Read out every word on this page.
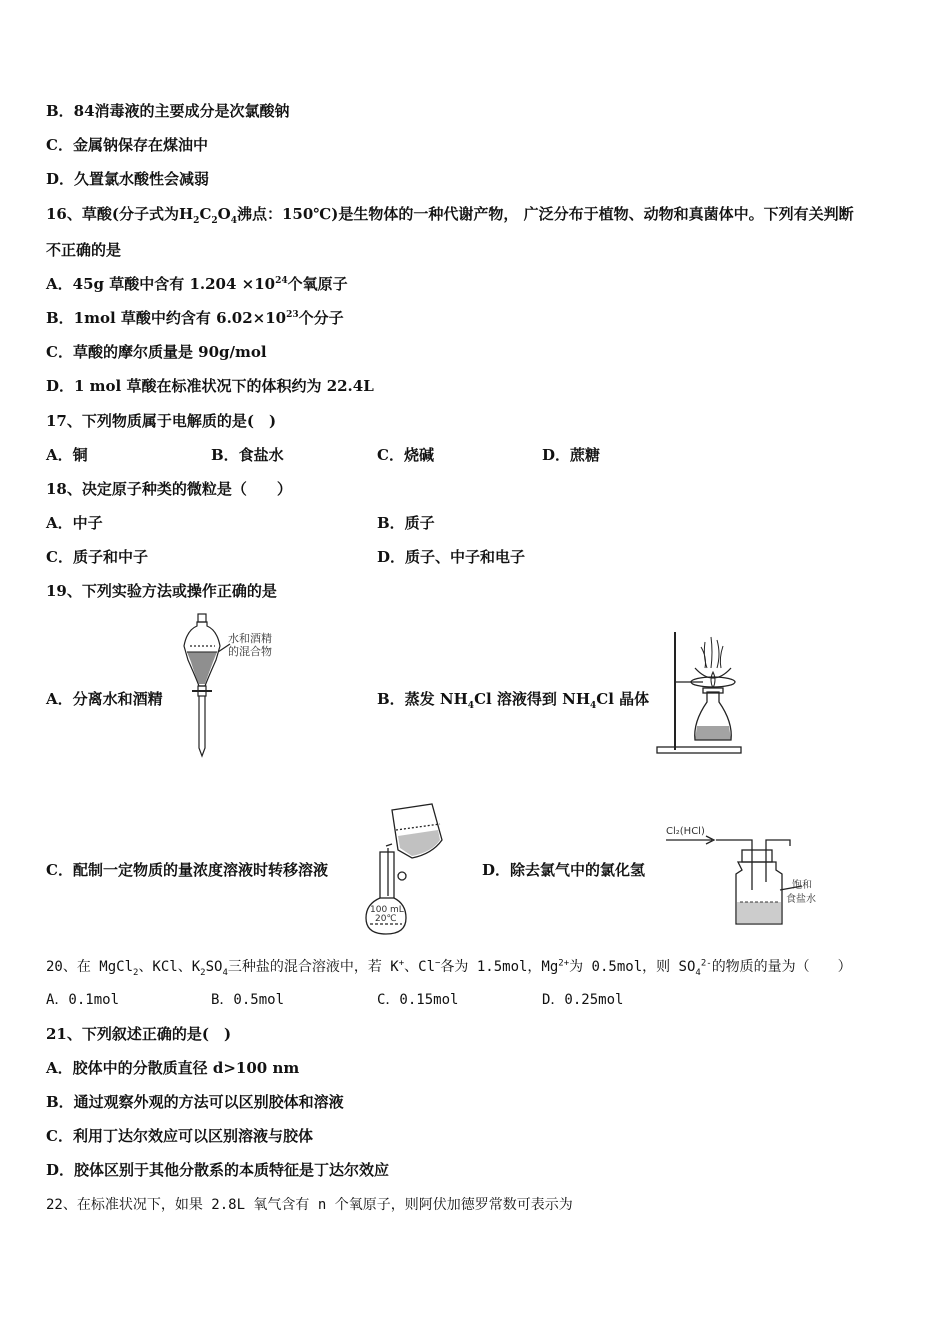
B．84消毒液的主要成分是次氯酸钠
C．金属钠保存在煤油中
D．久置氯水酸性会减弱
16、草酸(分子式为$H_2C_2O_4$沸点：150℃)是生物体的一种代谢产物， 广泛分布于植物、动物和真菌体中。下列有关判断
不正确的是
A．45g 草酸中含有 $1.204 \times 10^{24}$个氧原子
B．1mol 草酸中约含有 $6.02\times 10^{23}$个分子
C．草酸的摩尔质量是 90g/mol
D．1 mol 草酸在标准状况下的体积约为 22.4L
17、下列物质属于电解质的是(　)
A．铜	B．食盐水	C．烧碱	D．蔗糖
18、决定原子种类的微粒是（　　）
A．中子	B．质子
C．质子和中子	D．质子、中子和电子
19、下列实验方法或操作正确的是
A．分离水和酒精	B．蒸发 $NH_4Cl$ 溶液得到 $NH_4Cl$ 晶体
C．配制一定物质的量浓度溶液时转移溶液	D．除去氯气中的氯化氢
水和酒精
的混合物
100 mL
20℃
Cl₂(HCl)
饱和
食盐水
20、在 MgCl$_2$、KCl、$K_2SO_4$三种盐的混合溶液中，若 K+、Cl−各为 1.5mol，$Mg^{2+}$为 0.5mol，则 $SO_4^{2-}$的物质的量为（　　）
A．0.1mol	B．0.5mol	C．0.15mol	D．0.25mol
21、下列叙述正确的是(　)
A．胶体中的分散质直径 d>100 nm
B．通过观察外观的方法可以区别胶体和溶液
C．利用丁达尔效应可以区别溶液与胶体
D．胶体区别于其他分散系的本质特征是丁达尔效应
22、在标准状况下，如果 2.8L 氧气含有 n 个氧原子，则阿伏加德罗常数可表示为
